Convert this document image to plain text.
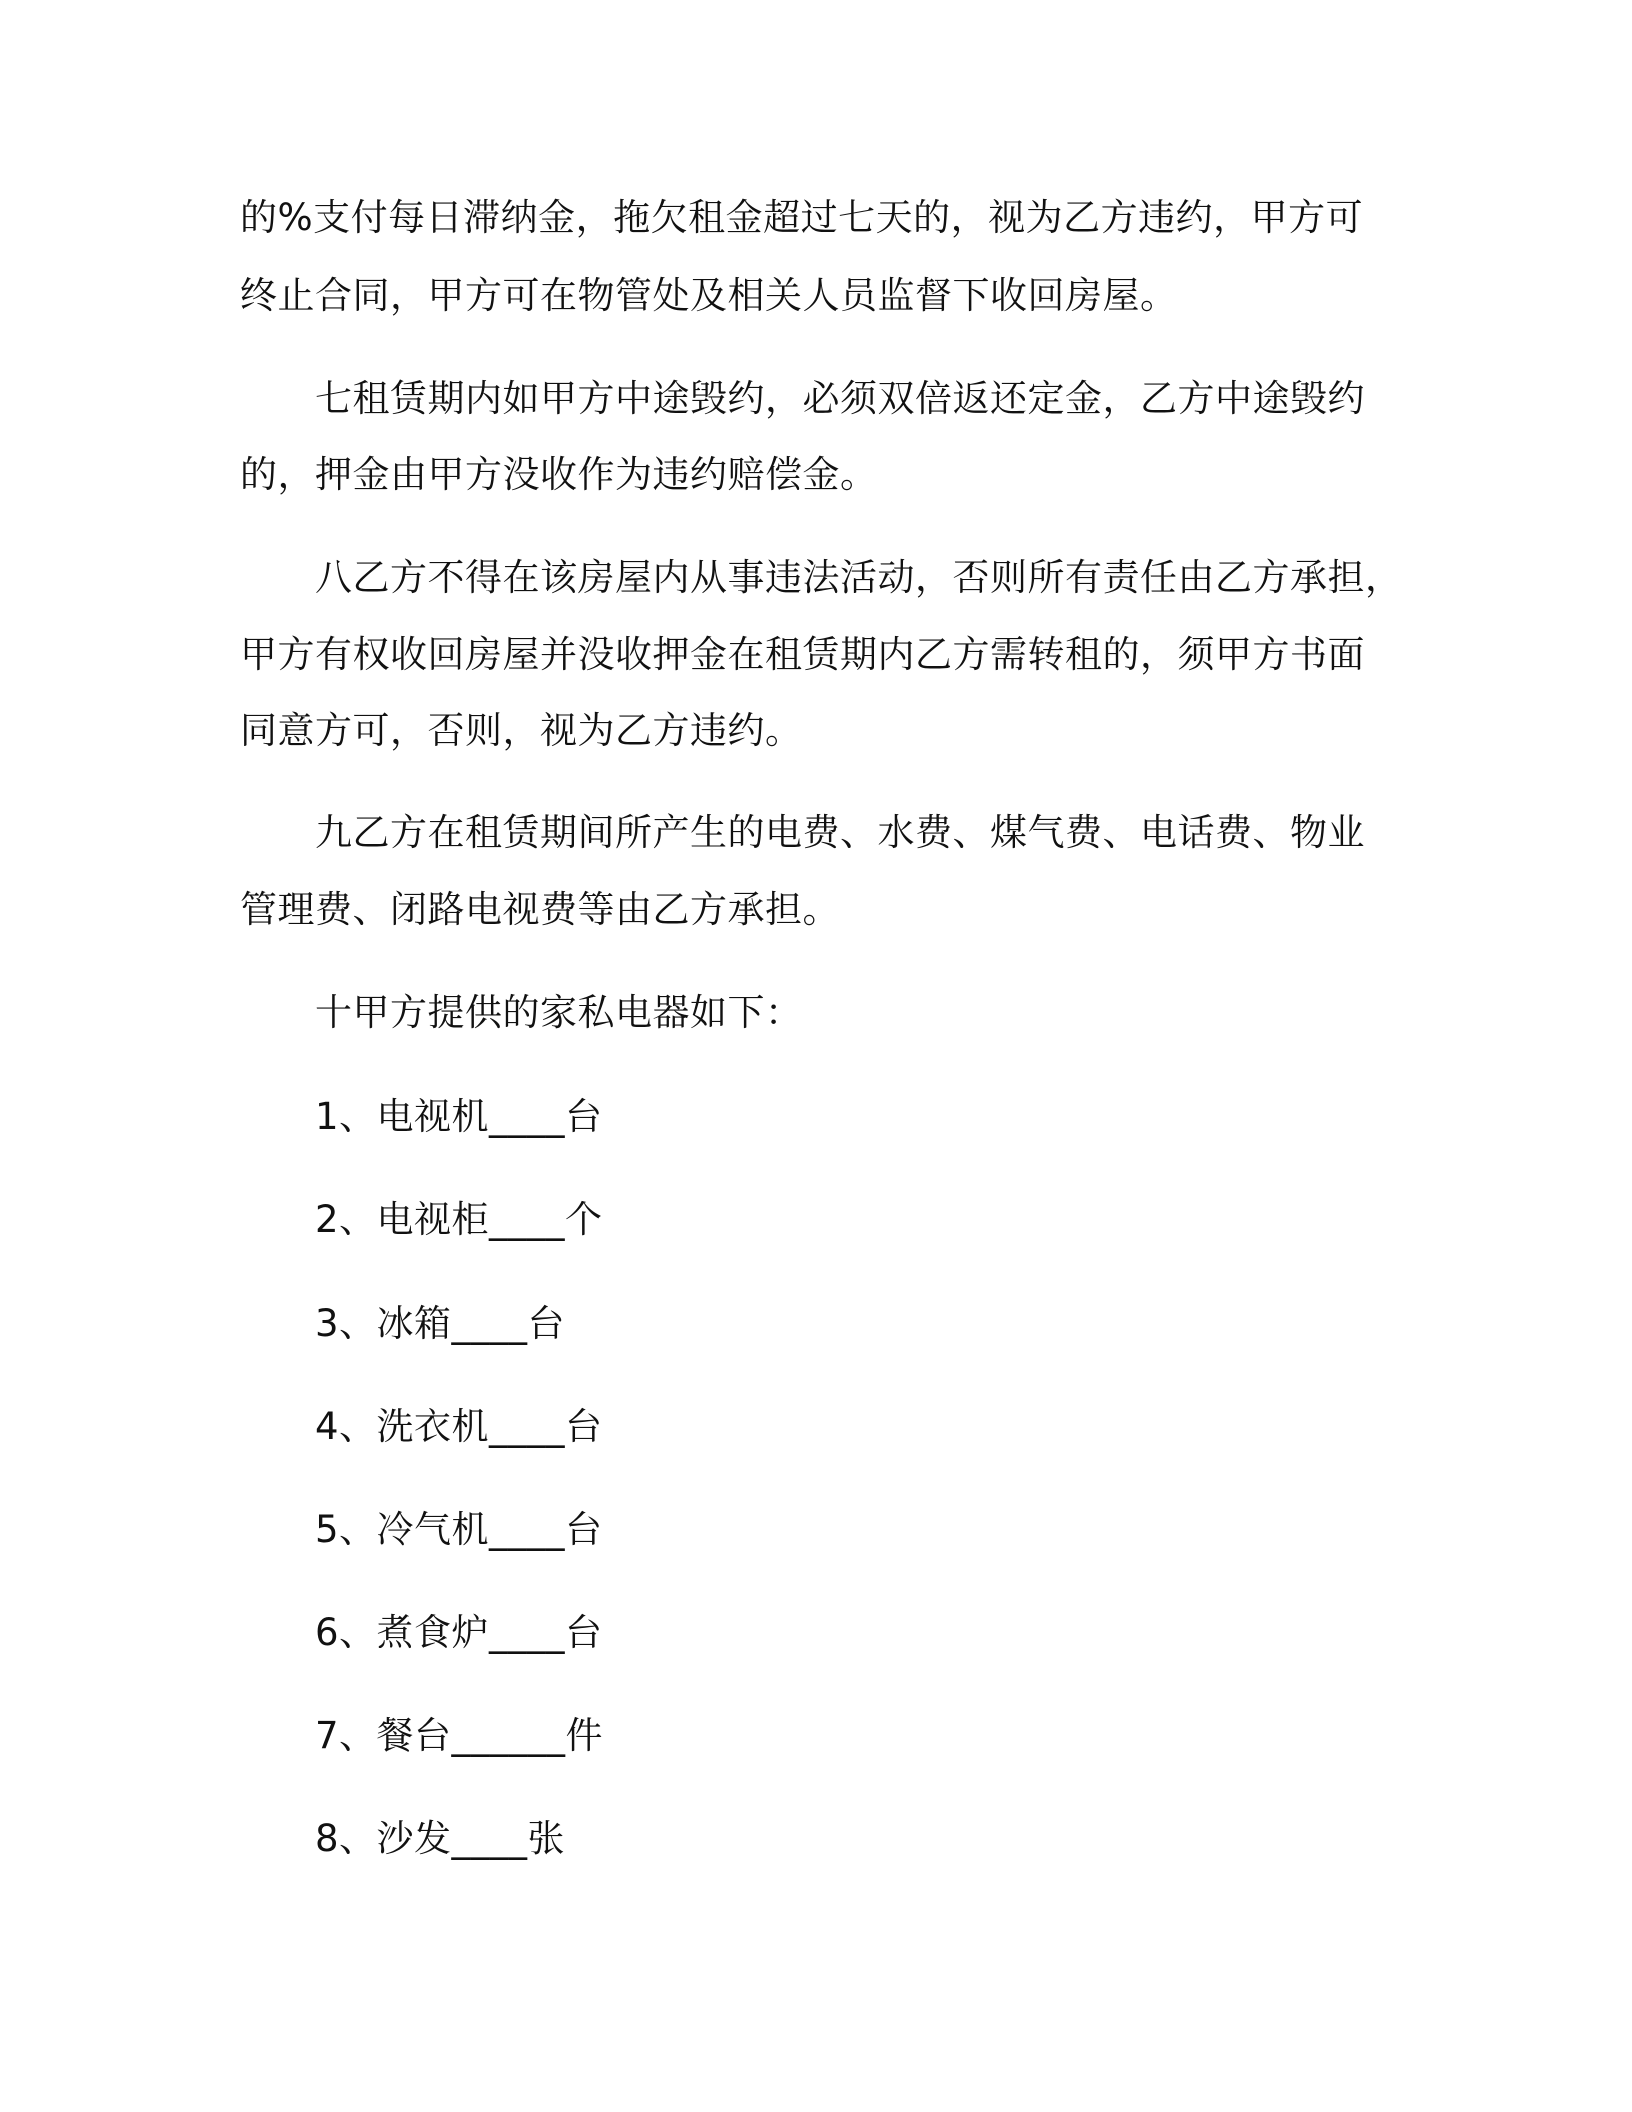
的%支付每日滞纳金，拖欠租金超过七天的，视为乙方违约，甲方可
终止合同，甲方可在物管处及相关人员监督下收回房屋。
七租赁期内如甲方中途毁约，必须双倍返还定金，乙方中途毁约
的，押金由甲方没收作为违约赔偿金。
八乙方不得在该房屋内从事违法活动，否则所有责任由乙方承担，
甲方有权收回房屋并没收押金在租赁期内乙方需转租的，须甲方书面
同意方可，否则，视为乙方违约。
九乙方在租赁期间所产生的电费、水费、煤气费、电话费、物业
管理费、闭路电视费等由乙方承担。
十甲方提供的家私电器如下：
1、电视机____台
2、电视柜____个
3、冰箱____台
4、洗衣机____台
5、冷气机____台
6、煮食炉____台
7、餐台______件
8、沙发____张
